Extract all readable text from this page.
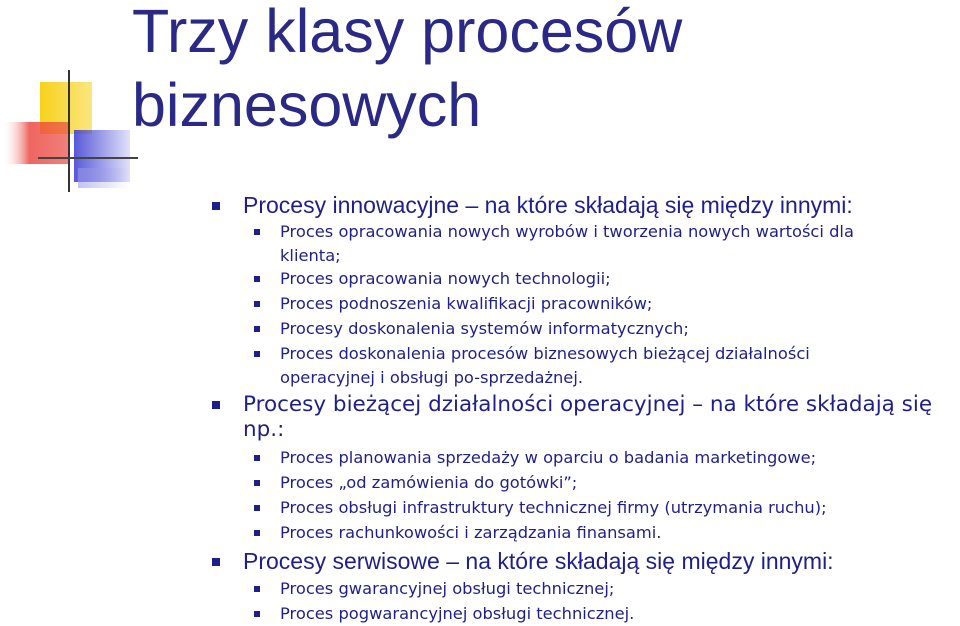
Trzy klasy procesów
biznesowych
Procesy innowacyjne – na które składają się między innymi:
Proces opracowania nowych wyrobów i tworzenia nowych wartości dla klienta;
Proces opracowania nowych technologii;
Proces podnoszenia kwalifikacji pracowników;
Procesy doskonalenia systemów informatycznych;
Proces doskonalenia procesów biznesowych bieżącej działalności operacyjnej i obsługi po-sprzedażnej.
Procesy bieżącej działalności operacyjnej – na które składają się np.:
Proces planowania sprzedaży w oparciu o badania marketingowe;
Proces „od zamówienia do gotówki”;
Proces obsługi infrastruktury technicznej firmy (utrzymania ruchu);
Proces rachunkowości i zarządzania finansami.
Procesy serwisowe – na które składają się między innymi:
Proces gwarancyjnej obsługi technicznej;
Proces pogwarancyjnej obsługi technicznej.
